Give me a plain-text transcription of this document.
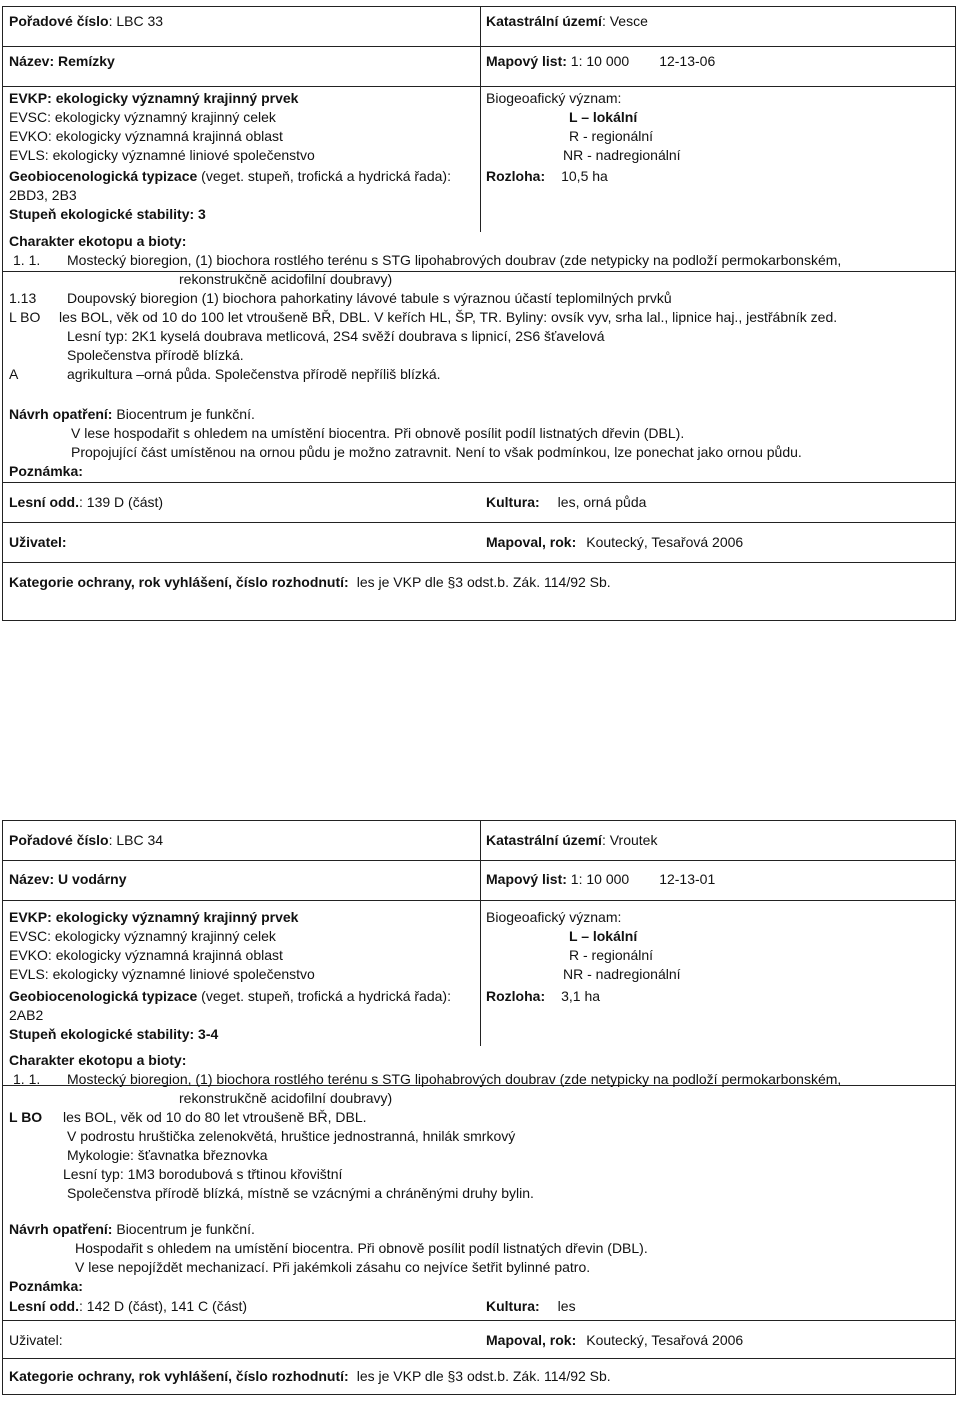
Pořadové číslo: LBC 33	Katastrální území: Vesce
Název: Remízky	Mapový list: 1: 10 000 12-13-06
EVKP: ekologicky významný krajinný prvek
EVSC: ekologicky významný krajinný celek
EVKO: ekologicky významná krajinná oblast
EVLS: ekologicky významné liniové společenstvo
Biogeoafický význam:
L – lokální
R - regionální
NR - nadregionální
Geobiocenologická typizace (veget. stupeň, trofická a hydrická řada):
2BD3, 2B3
Rozloha: 10,5 ha
Stupeň ekologické stability: 3
Charakter ekotopu a bioty:
1. 1. Mostecký bioregion, (1) biochora rostlého terénu s STG lipohabrových doubrav (zde netypicky na podloží permokarbonském,
rekonstrukčně acidofilní doubravy)
1.13 Doupovský bioregion (1) biochora pahorkatiny lávové tabule s výraznou účastí teplomilných prvků
L BO les BOL, věk od 10 do 100 let vtroušeně BŘ, DBL. V keřích HL, ŠP, TR. Byliny: ovsík vyv, srha lal., lipnice haj., jestřábník zed.
Lesní typ: 2K1 kyselá doubrava metlicová, 2S4 svěží doubrava s lipnicí, 2S6 šťavelová
Společenstva přírodě blízká.
A	agrikultura –orná půda. Společenstva přírodě nepříliš blízká.
Návrh opatření: Biocentrum je funkční.
V lese hospodařit s ohledem na umístění biocentra. Při obnově posílit podíl listnatých dřevin (DBL).
Propojující část umístěnou na ornou půdu je možno zatravnit. Není to však podmínkou, lze ponechat jako ornou půdu.
Poznámka:
Lesní odd.: 139 D (část)	Kultura: les, orná půda
Uživatel:	Mapoval, rok: Koutecký, Tesařová 2006
Kategorie ochrany, rok vyhlášení, číslo rozhodnutí: les je VKP dle §3 odst.b. Zák. 114/92 Sb.
Pořadové číslo: LBC 34	Katastrální území: Vroutek
Název: U vodárny	Mapový list: 1: 10 000 12-13-01
EVKP: ekologicky významný krajinný prvek
EVSC: ekologicky významný krajinný celek
EVKO: ekologicky významná krajinná oblast
EVLS: ekologicky významné liniové společenstvo
Biogeoafický význam:
L – lokální
R - regionální
NR - nadregionální
Geobiocenologická typizace (veget. stupeň, trofická a hydrická řada):
2AB2
Rozloha: 3,1 ha
Stupeň ekologické stability: 3-4
Charakter ekotopu a bioty:
1. 1. Mostecký bioregion, (1) biochora rostlého terénu s STG lipohabrových doubrav (zde netypicky na podloží permokarbonském,
rekonstrukčně acidofilní doubravy)
L BO les BOL, věk od 10 do 80 let vtroušeně BŘ, DBL.
V podrostu hruštička zelenokvětá, hruštice jednostranná, hnilák smrkový
Mykologie: šťavnatka březnovka
Lesní typ: 1M3 borodubová s třtinou křovištní
Společenstva přírodě blízká, místně se vzácnými a chráněnými druhy bylin.
Návrh opatření: Biocentrum je funkční.
Hospodařit s ohledem na umístění biocentra. Při obnově posílit podíl listnatých dřevin (DBL).
V lese nepojíždět mechanizací. Při jakémkoli zásahu co nejvíce šetřit bylinné patro.
Poznámka:
Lesní odd.: 142 D (část), 141 C (část)	Kultura: les
Uživatel:	Mapoval, rok: Koutecký, Tesařová 2006
Kategorie ochrany, rok vyhlášení, číslo rozhodnutí: les je VKP dle §3 odst.b. Zák. 114/92 Sb.
